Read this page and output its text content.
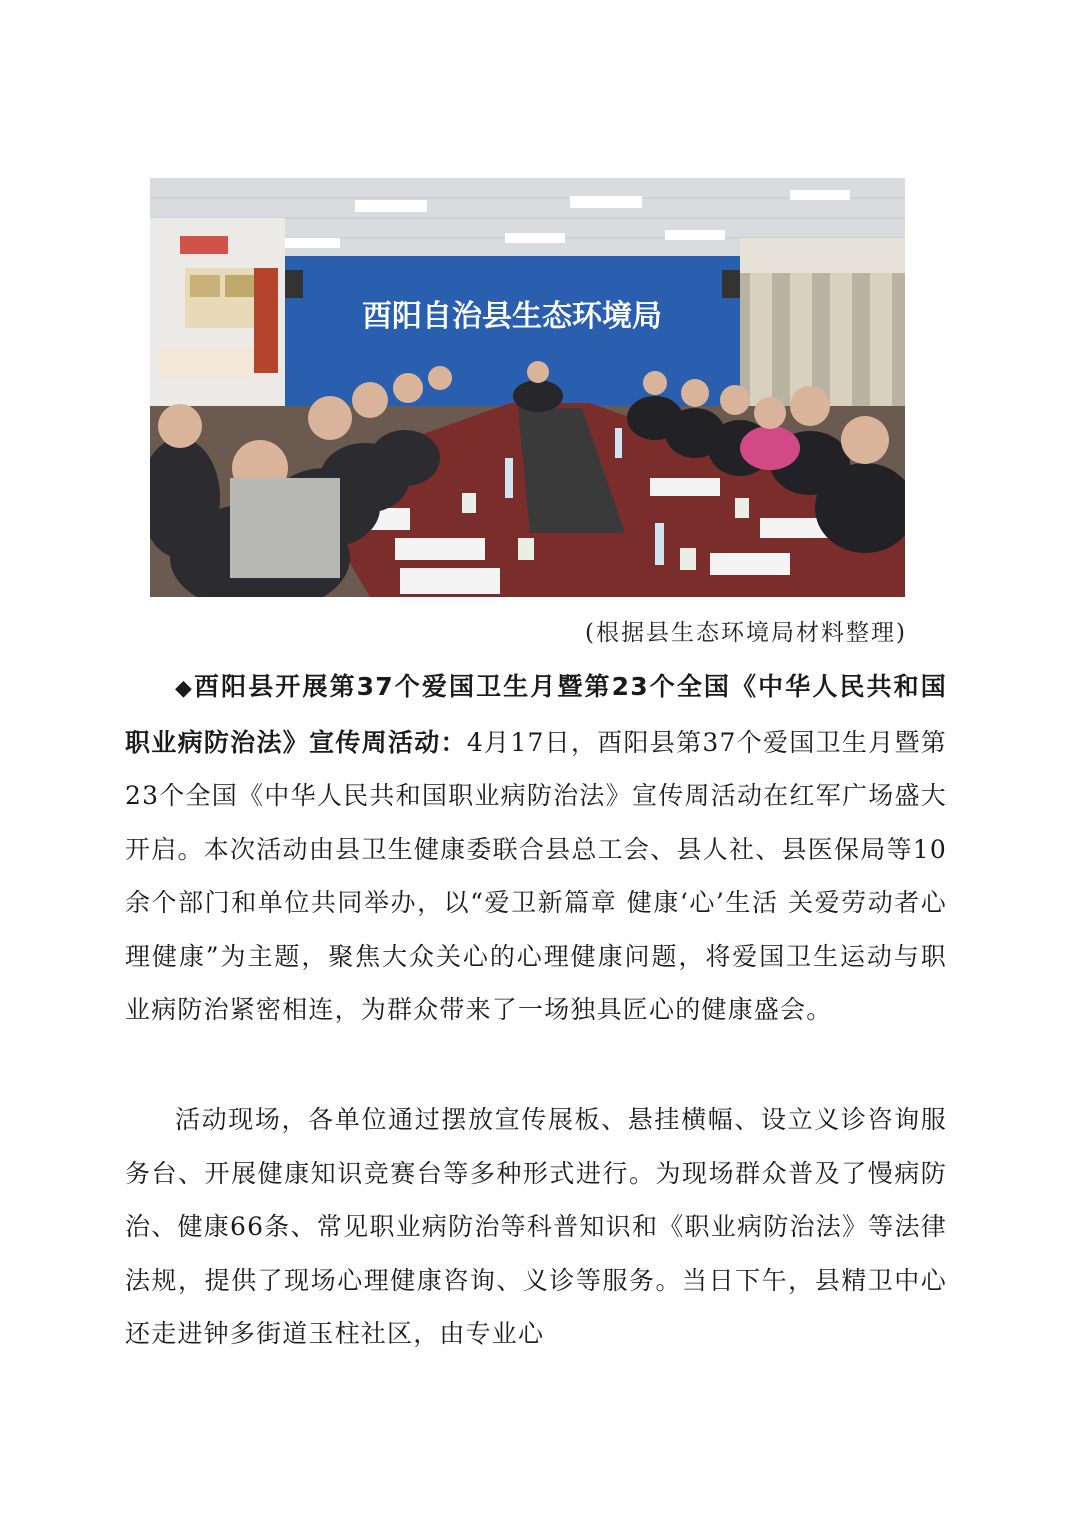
酉阳自治县生态环境局
(根据县生态环境局材料整理)

◆酉阳县开展第37个爱国卫生月暨第23个全国《中华人民共和国职业病防治法》宣传周活动：4月17日，酉阳县第37个爱国卫生月暨第23个全国《中华人民共和国职业病防治法》宣传周活动在红军广场盛大开启。本次活动由县卫生健康委联合县总工会、县人社、县医保局等10余个部门和单位共同举办，以“爱卫新篇章 健康‘心’生活 关爱劳动者心理健康”为主题，聚焦大众关心的心理健康问题，将爱国卫生运动与职业病防治紧密相连，为群众带来了一场独具匠心的健康盛会。

活动现场，各单位通过摆放宣传展板、悬挂横幅、设立义诊咨询服务台、开展健康知识竞赛台等多种形式进行。为现场群众普及了慢病防治、健康66条、常见职业病防治等科普知识和《职业病防治法》等法律法规，提供了现场心理健康咨询、义诊等服务。当日下午，县精卫中心还走进钟多街道玉柱社区，由专业心
